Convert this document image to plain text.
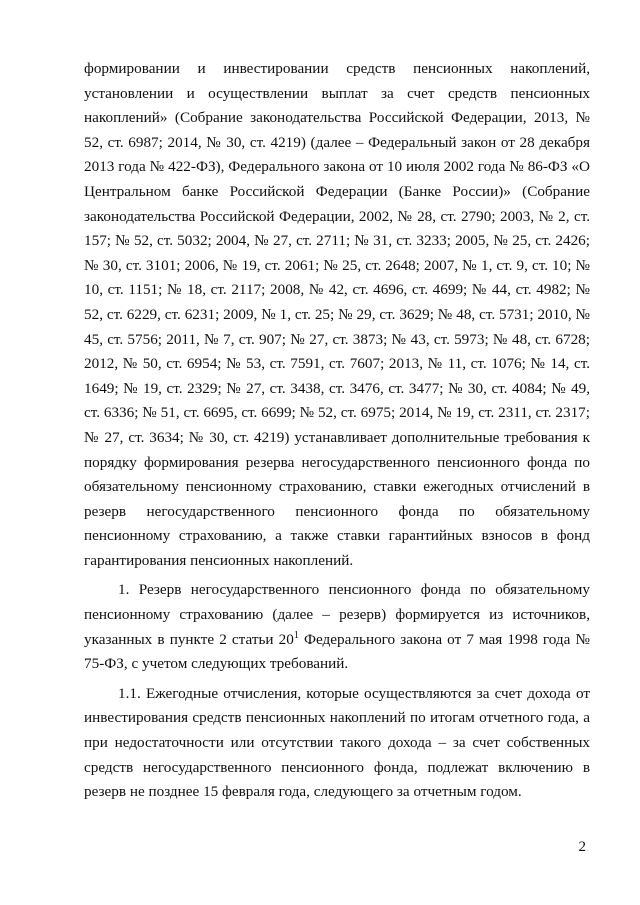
формировании и инвестировании средств пенсионных накоплений, установлении и осуществлении выплат за счет средств пенсионных накоплений» (Собрание законодательства Российской Федерации, 2013, № 52, ст. 6987; 2014, № 30, ст. 4219) (далее – Федеральный закон от 28 декабря 2013 года № 422-ФЗ), Федерального закона от 10 июля 2002 года № 86-ФЗ «О Центральном банке Российской Федерации (Банке России)» (Собрание законодательства Российской Федерации, 2002, № 28, ст. 2790; 2003, № 2, ст. 157; № 52, ст. 5032; 2004, № 27, ст. 2711; № 31, ст. 3233; 2005, № 25, ст. 2426; № 30, ст. 3101; 2006, № 19, ст. 2061; № 25, ст. 2648; 2007, № 1, ст. 9, ст. 10; № 10, ст. 1151; № 18, ст. 2117; 2008, № 42, ст. 4696, ст. 4699; № 44, ст. 4982; № 52, ст. 6229, ст. 6231; 2009, № 1, ст. 25; № 29, ст. 3629; № 48, ст. 5731; 2010, № 45, ст. 5756; 2011, № 7, ст. 907; № 27, ст. 3873; № 43, ст. 5973; № 48, ст. 6728; 2012, № 50, ст. 6954; № 53, ст. 7591, ст. 7607; 2013, № 11, ст. 1076; № 14, ст. 1649; № 19, ст. 2329; № 27, ст. 3438, ст. 3476, ст. 3477; № 30, ст. 4084; № 49, ст. 6336; № 51, ст. 6695, ст. 6699; № 52, ст. 6975; 2014, № 19, ст. 2311, ст. 2317; № 27, ст. 3634; № 30, ст. 4219) устанавливает дополнительные требования к порядку формирования резерва негосударственного пенсионного фонда по обязательному пенсионному страхованию, ставки ежегодных отчислений в резерв негосударственного пенсионного фонда по обязательному пенсионному страхованию, а также ставки гарантийных взносов в фонд гарантирования пенсионных накоплений.

1. Резерв негосударственного пенсионного фонда по обязательному пенсионному страхованию (далее – резерв) формируется из источников, указанных в пункте 2 статьи $20^1$ Федерального закона от 7 мая 1998 года № 75-ФЗ, с учетом следующих требований.

1.1. Ежегодные отчисления, которые осуществляются за счет дохода от инвестирования средств пенсионных накоплений по итогам отчетного года, а при недостаточности или отсутствии такого дохода – за счет собственных средств негосударственного пенсионного фонда, подлежат включению в резерв не позднее 15 февраля года, следующего за отчетным годом.

2
